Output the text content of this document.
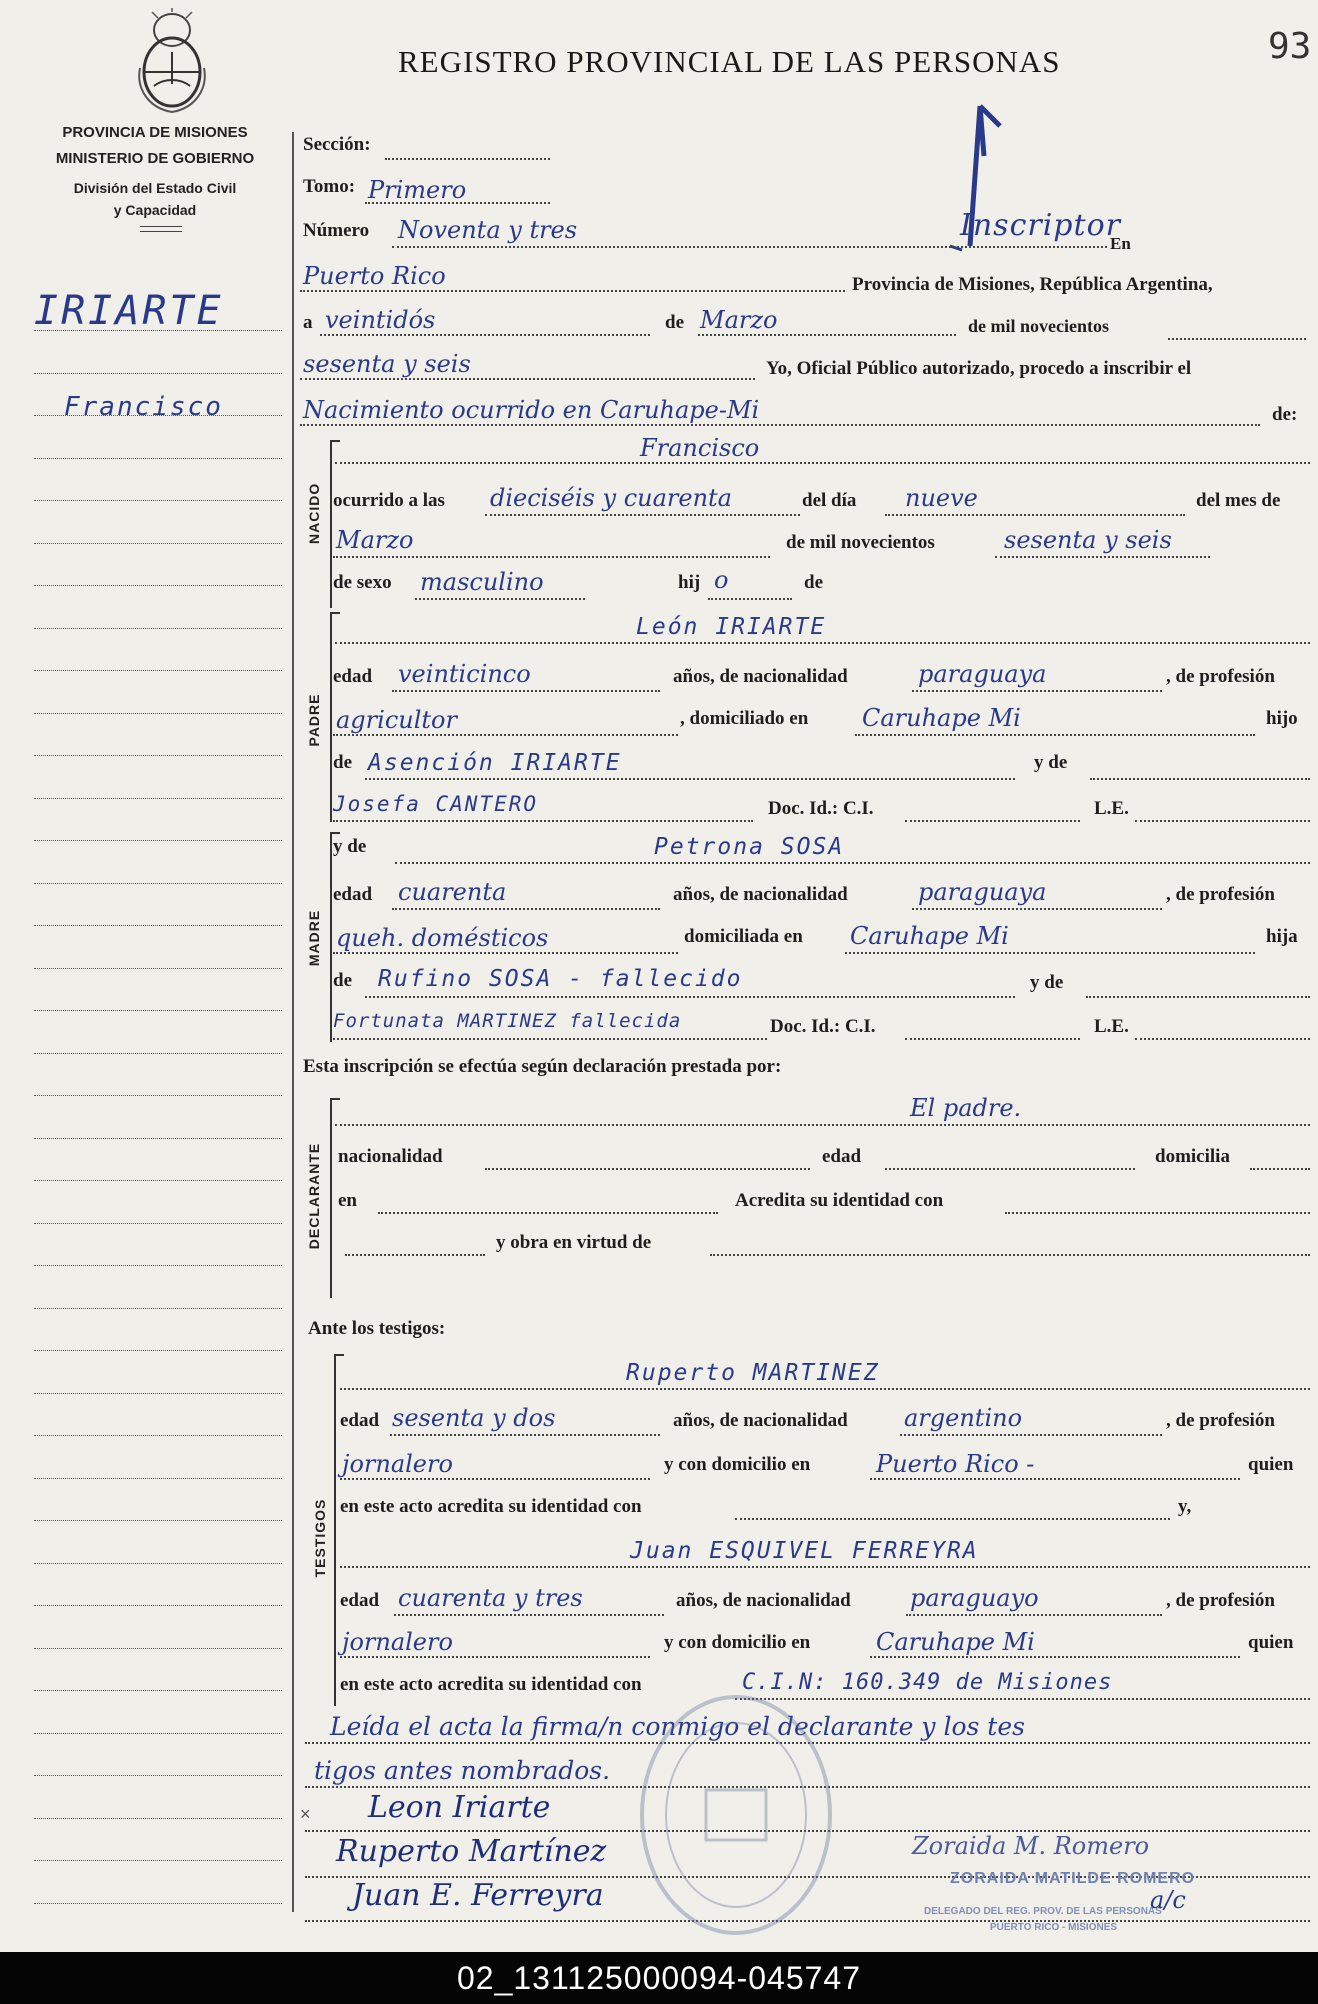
93
REGISTRO PROVINCIAL DE LAS PERSONAS
PROVINCIA DE MISIONES
MINISTERIO DE GOBIERNO
División del Estado Civil
y Capacidad
IRIARTE
Francisco
Inscriptor
Sección:
Tomo: Primero
Número Noventa y tres	En
Puerto Rico	Provincia de Misiones, República Argentina,
a veintidós	de Marzo	de mil novecientos
sesenta y seis	Yo, Oficial Público autorizado, procedo a inscribir el
Nacimiento ocurrido en Caruhape-Mi	de:
NACIDO
Francisco
ocurrido a las dieciséis y cuarenta	del día nueve	del mes de
Marzo	de mil novecientos	sesenta y seis
de sexo masculino	hij o	de
PADRE
León IRIARTE
edad veinticinco	años, de nacionalidad	paraguaya	, de profesión
agricultor	, domiciliado en Caruhape Mi	hijo
de Asención IRIARTE	y de
Josefa CANTERO	Doc. Id.: C.I.	L.E.
MADRE
y de	Petrona SOSA
edad cuarenta	años, de nacionalidad	paraguaya	, de profesión
queh. domésticos	domiciliada en Caruhape Mi	hija
de Rufino SOSA - fallecido	y de
Fortunata MARTINEZ fallecida	Doc. Id.: C.I.	L.E.
Esta inscripción se efectúa según declaración prestada por:
DECLARANTE
El padre.
nacionalidad	edad	domicilia
en	Acredita su identidad con
y obra en virtud de
Ante los testigos:
TESTIGOS
Ruperto MARTINEZ
edad sesenta y dos	años, de nacionalidad argentino	, de profesión
jornalero	y con domicilio en	Puerto Rico -	quien
en este acto acredita su identidad con	y,
Juan ESQUIVEL FERREYRA
edad cuarenta y tres	años, de nacionalidad paraguayo	, de profesión
jornalero	y con domicilio en	Caruhape Mi	quien
en este acto acredita su identidad con	C.I.N: 160.349 de Misiones
Leída el acta la firma/n conmigo el declarante y los tes
tigos antes nombrados.
Leon Iriarte
Ruperto Martínez
Juan E. Ferreyra
×
Zoraida M. Romero
ZORAIDA MATILDE ROMERO
DELEGADO DEL REG. PROV. DE LAS PERSONAS
PUERTO RICO - MISIONES
a/c
02_131125000094-045747
